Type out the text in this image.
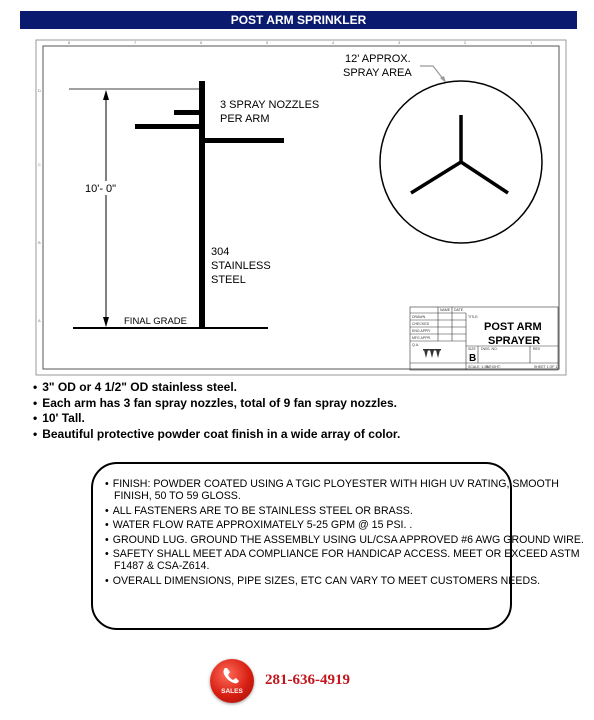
POST ARM SPRINKLER
8	7	6	5	4	3	2	1
D
C
B
A
10'- 0"
3 SPRAY NOZZLES
PER ARM
304
STAINLESS
STEEL
12' APPROX.
SPRAY AREA
FINAL GRADE
NAME DATE
DRAWN
CHECKED
ENG APPR.
MFG APPR.
Q.A.
TITLE:
SIZE DWG. NO.	REV
SCALE: 1:20
WEIGHT:	SHEET 1 OF 1
POST ARM
SPRAYER
B
• 3" OD or 4 1/2" OD stainless steel.
• Each arm has 3 fan spray nozzles, total of 9 fan spray nozzles.
• 10' Tall.
• Beautiful protective powder coat finish in a wide array of color.
• FINISH: POWDER COATED USING A TGIC PLOYESTER WITH HIGH UV RATING, SMOOTH FINISH, 50 TO 59 GLOSS.
• ALL FASTENERS ARE TO BE STAINLESS STEEL OR BRASS.
• WATER FLOW RATE APPROXIMATELY 5-25 GPM @ 15 PSI. .
• GROUND LUG. GROUND THE ASSEMBLY USING UL/CSA APPROVED #6 AWG GROUND WIRE.
• SAFETY SHALL MEET ADA COMPLIANCE FOR HANDICAP ACCESS. MEET OR EXCEED ASTM F1487 & CSA-Z614.
• OVERALL DIMENSIONS, PIPE SIZES, ETC CAN VARY TO MEET CUSTOMERS NEEDS.
SALES
281-636-4919
